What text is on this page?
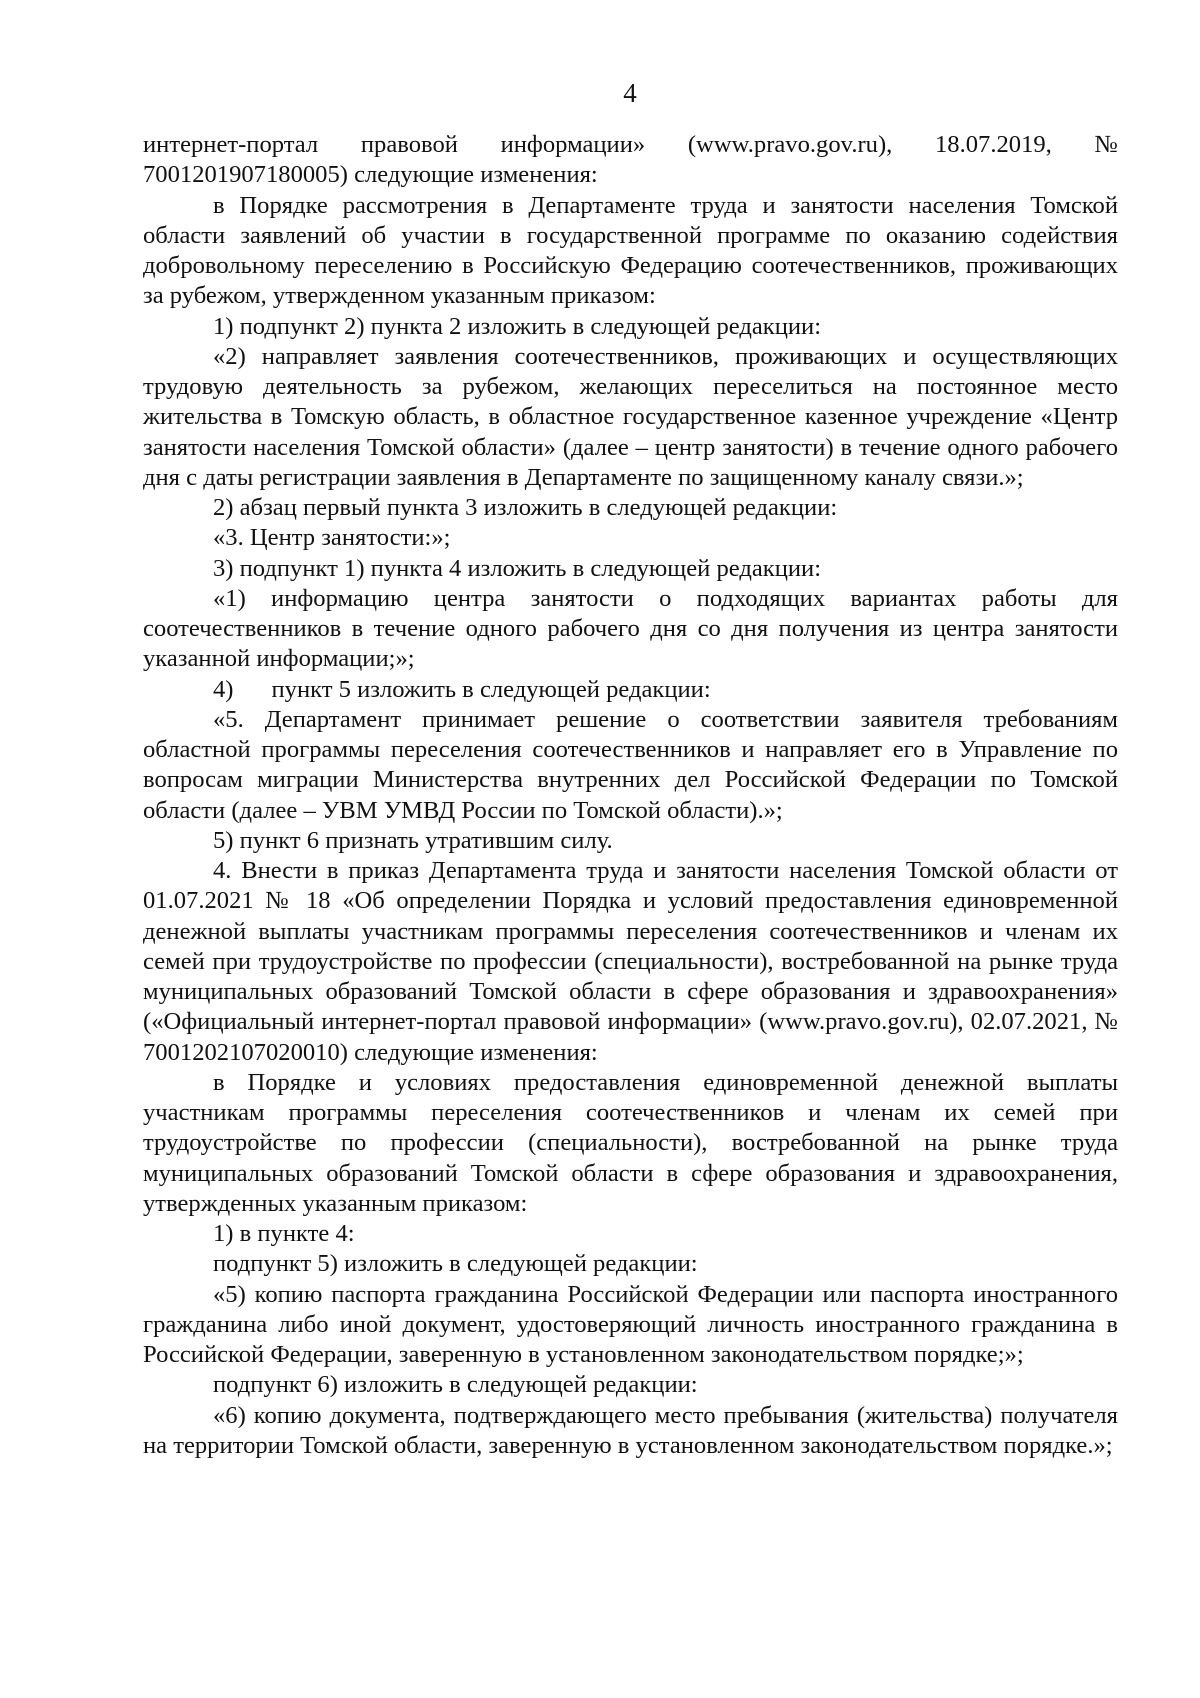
4

интернет-портал правовой информации» (www.pravo.gov.ru), 18.07.2019, № 7001201907180005) следующие изменения:

в Порядке рассмотрения в Департаменте труда и занятости населения Томской области заявлений об участии в государственной программе по оказанию содействия добровольному переселению в Российскую Федерацию соотечественников, проживающих за рубежом, утвержденном указанным приказом:

1) подпункт 2) пункта 2 изложить в следующей редакции:

«2) направляет заявления соотечественников, проживающих и осуществляющих трудовую деятельность за рубежом, желающих переселиться на постоянное место жительства в Томскую область, в областное государственное казенное учреждение «Центр занятости населения Томской области» (далее – центр занятости) в течение одного рабочего дня с даты регистрации заявления в Департаменте по защищенному каналу связи.»;

2) абзац первый пункта 3 изложить в следующей редакции:

«3. Центр занятости:»;

3) подпункт 1) пункта 4 изложить в следующей редакции:

«1) информацию центра занятости о подходящих вариантах работы для соотечественников в течение одного рабочего дня со дня получения из центра занятости указанной информации;»;

4) пункт 5 изложить в следующей редакции:

«5. Департамент принимает решение о соответствии заявителя требованиям областной программы переселения соотечественников и направляет его в Управление по вопросам миграции Министерства внутренних дел Российской Федерации по Томской области (далее – УВМ УМВД России по Томской области).»;

5) пункт 6 признать утратившим силу.

4. Внести в приказ Департамента труда и занятости населения Томской области от 01.07.2021 № 18 «Об определении Порядка и условий предоставления единовременной денежной выплаты участникам программы переселения соотечественников и членам их семей при трудоустройстве по профессии (специальности), востребованной на рынке труда муниципальных образований Томской области в сфере образования и здравоохранения» («Официальный интернет-портал правовой информации» (www.pravo.gov.ru), 02.07.2021, № 7001202107020010) следующие изменения:

в Порядке и условиях предоставления единовременной денежной выплаты участникам программы переселения соотечественников и членам их семей при трудоустройстве по профессии (специальности), востребованной на рынке труда муниципальных образований Томской области в сфере образования и здравоохранения, утвержденных указанным приказом:

1) в пункте 4:

подпункт 5) изложить в следующей редакции:

«5) копию паспорта гражданина Российской Федерации или паспорта иностранного гражданина либо иной документ, удостоверяющий личность иностранного гражданина в Российской Федерации, заверенную в установленном законодательством порядке;»;

подпункт 6) изложить в следующей редакции:

«6) копию документа, подтверждающего место пребывания (жительства) получателя на территории Томской области, заверенную в установленном законодательством порядке.»;
